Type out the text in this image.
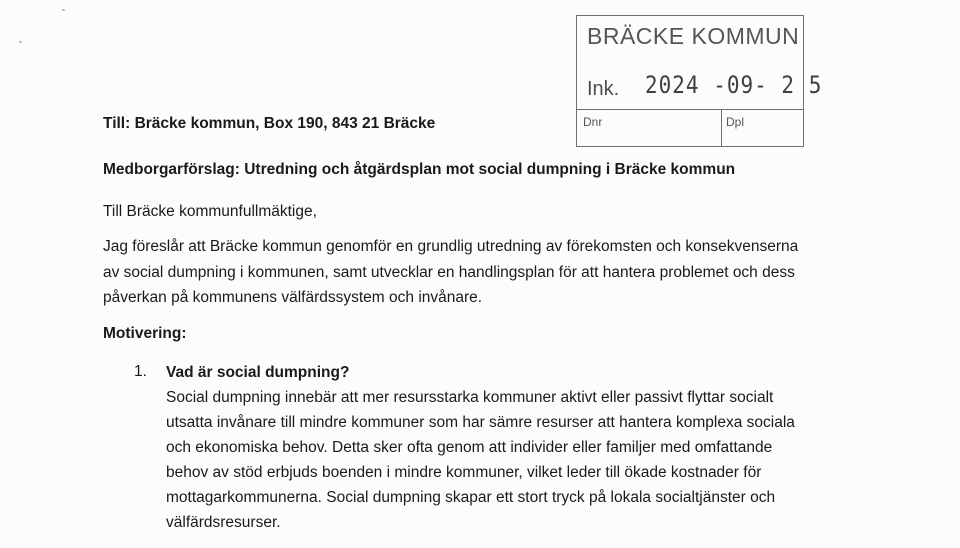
BRÄCKE KOMMUN
Ink. 2024 -09- 2 5
Dnr	Dpl
Till: Bräcke kommun, Box 190, 843 21 Bräcke
Medborgarförslag: Utredning och åtgärdsplan mot social dumpning i Bräcke kommun
Till Bräcke kommunfullmäktige,
Jag föreslår att Bräcke kommun genomför en grundlig utredning av förekomsten och konsekvenserna
av social dumpning i kommunen, samt utvecklar en handlingsplan för att hantera problemet och dess
påverkan på kommunens välfärdssystem och invånare.
Motivering:
1. Vad är social dumpning?
Social dumpning innebär att mer resursstarka kommuner aktivt eller passivt flyttar socialt
utsatta invånare till mindre kommuner som har sämre resurser att hantera komplexa sociala
och ekonomiska behov. Detta sker ofta genom att individer eller familjer med omfattande
behov av stöd erbjuds boenden i mindre kommuner, vilket leder till ökade kostnader för
mottagarkommunerna. Social dumpning skapar ett stort tryck på lokala socialtjänster och
välfärdsresurser.
